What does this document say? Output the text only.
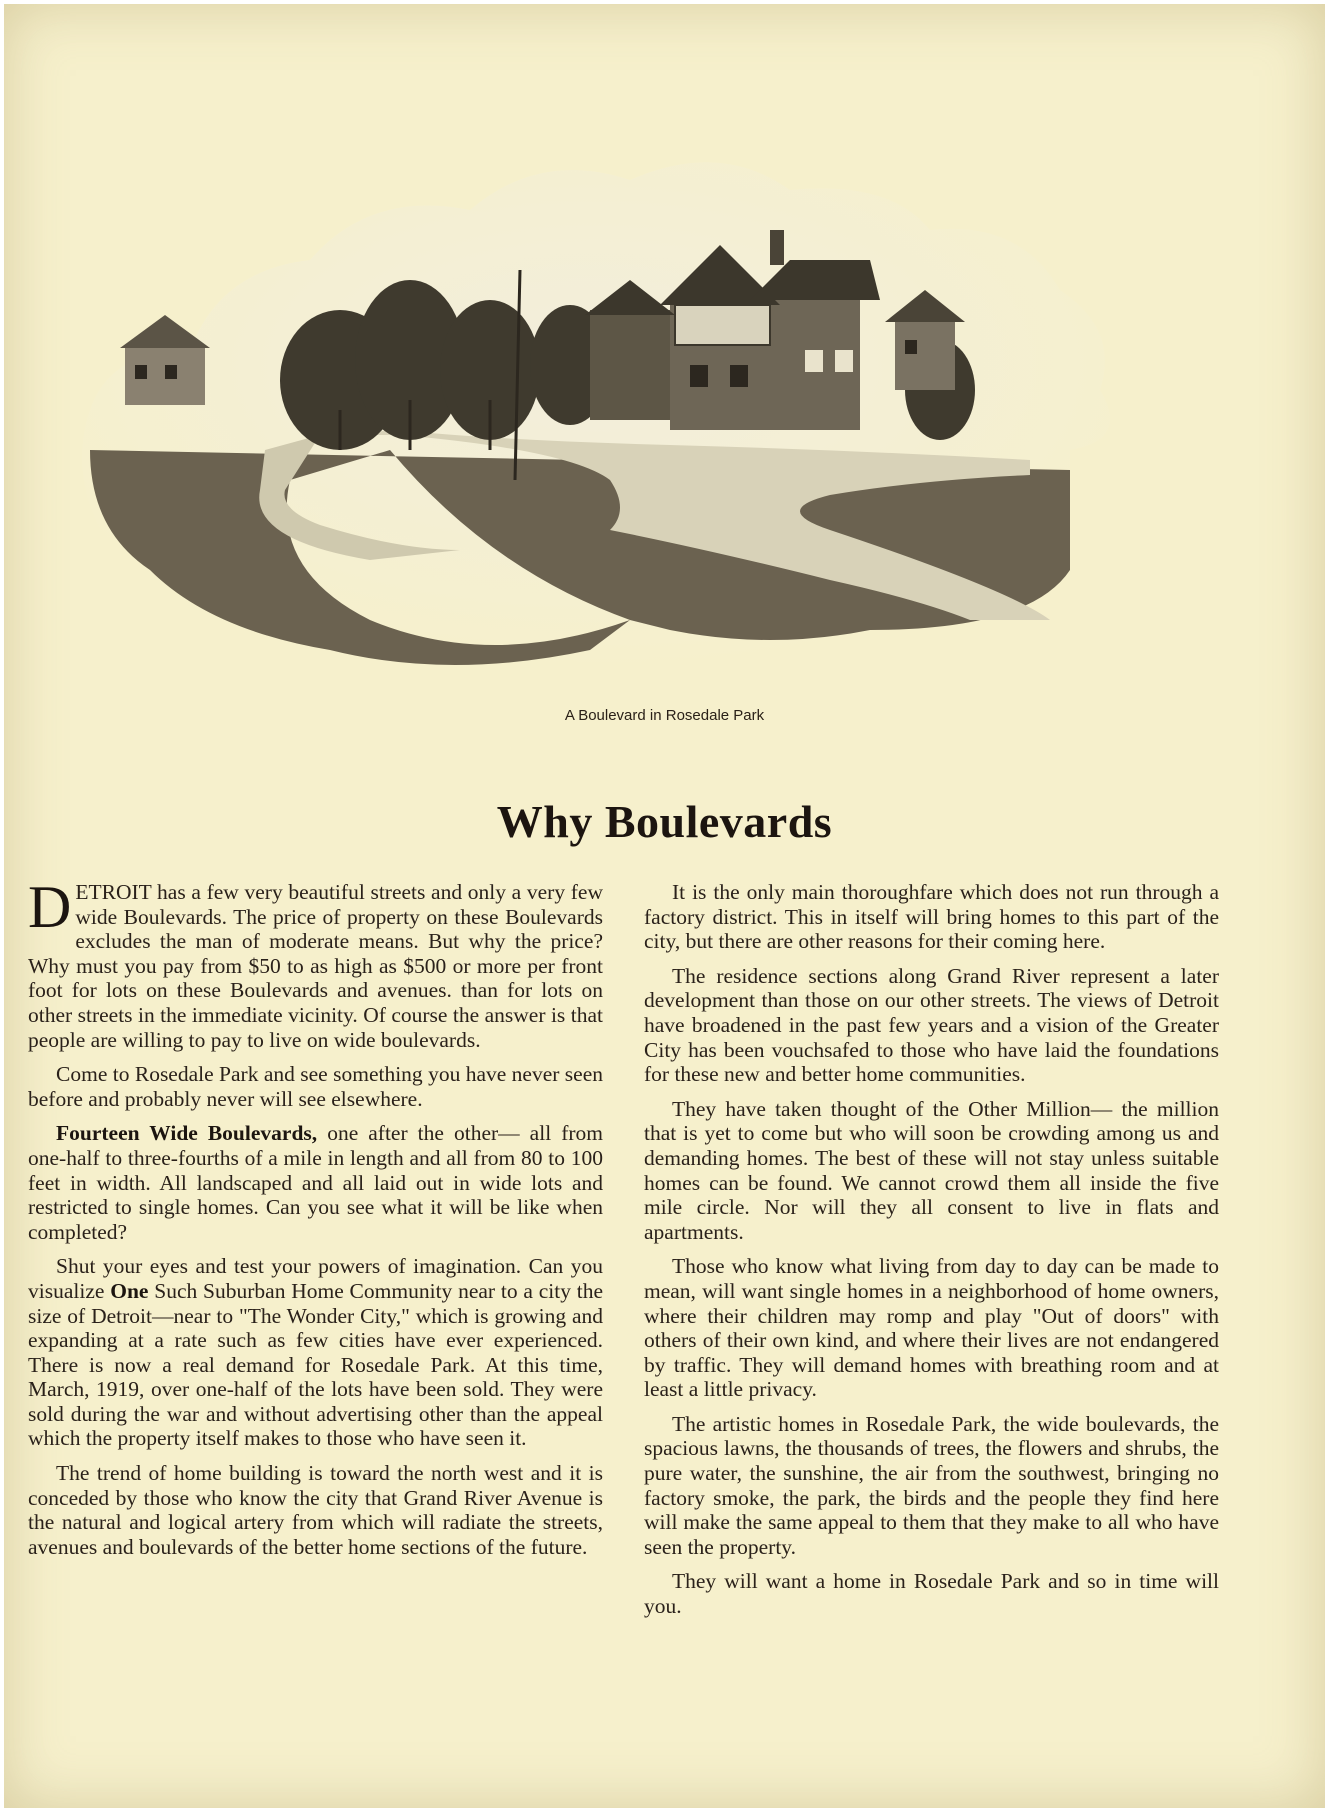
A Boulevard in Rosedale Park
Why Boulevards

DETROIT has a few very beautiful streets and only a very few wide Boulevards. The price of property on these Boulevards excludes the man of moderate means. But why the price? Why must you pay from $50 to as high as $500 or more per front foot for lots on these Boulevards and avenues. than for lots on other streets in the immediate vicinity. Of course the answer is that people are willing to pay to live on wide boulevards.

Come to Rosedale Park and see something you have never seen before and probably never will see elsewhere.

Fourteen Wide Boulevards, one after the other— all from one-half to three-fourths of a mile in length and all from 80 to 100 feet in width. All landscaped and all laid out in wide lots and restricted to single homes. Can you see what it will be like when completed?

Shut your eyes and test your powers of imagination. Can you visualize One Such Suburban Home Community near to a city the size of Detroit—near to "The Wonder City," which is growing and expanding at a rate such as few cities have ever experienced. There is now a real demand for Rosedale Park. At this time, March, 1919, over one-half of the lots have been sold. They were sold during the war and without advertising other than the appeal which the property itself makes to those who have seen it.

The trend of home building is toward the north west and it is conceded by those who know the city that Grand River Avenue is the natural and logical artery from which will radiate the streets, avenues and boulevards of the better home sections of the future.

It is the only main thoroughfare which does not run through a factory district. This in itself will bring homes to this part of the city, but there are other reasons for their coming here.

The residence sections along Grand River represent a later development than those on our other streets. The views of Detroit have broadened in the past few years and a vision of the Greater City has been vouchsafed to those who have laid the foundations for these new and better home communities.

They have taken thought of the Other Million— the million that is yet to come but who will soon be crowding among us and demanding homes. The best of these will not stay unless suitable homes can be found. We cannot crowd them all inside the five mile circle. Nor will they all consent to live in flats and apartments.

Those who know what living from day to day can be made to mean, will want single homes in a neighborhood of home owners, where their children may romp and play "Out of doors" with others of their own kind, and where their lives are not endangered by traffic. They will demand homes with breathing room and at least a little privacy.

The artistic homes in Rosedale Park, the wide boulevards, the spacious lawns, the thousands of trees, the flowers and shrubs, the pure water, the sunshine, the air from the southwest, bringing no factory smoke, the park, the birds and the people they find here will make the same appeal to them that they make to all who have seen the property.

They will want a home in Rosedale Park and so in time will you.
